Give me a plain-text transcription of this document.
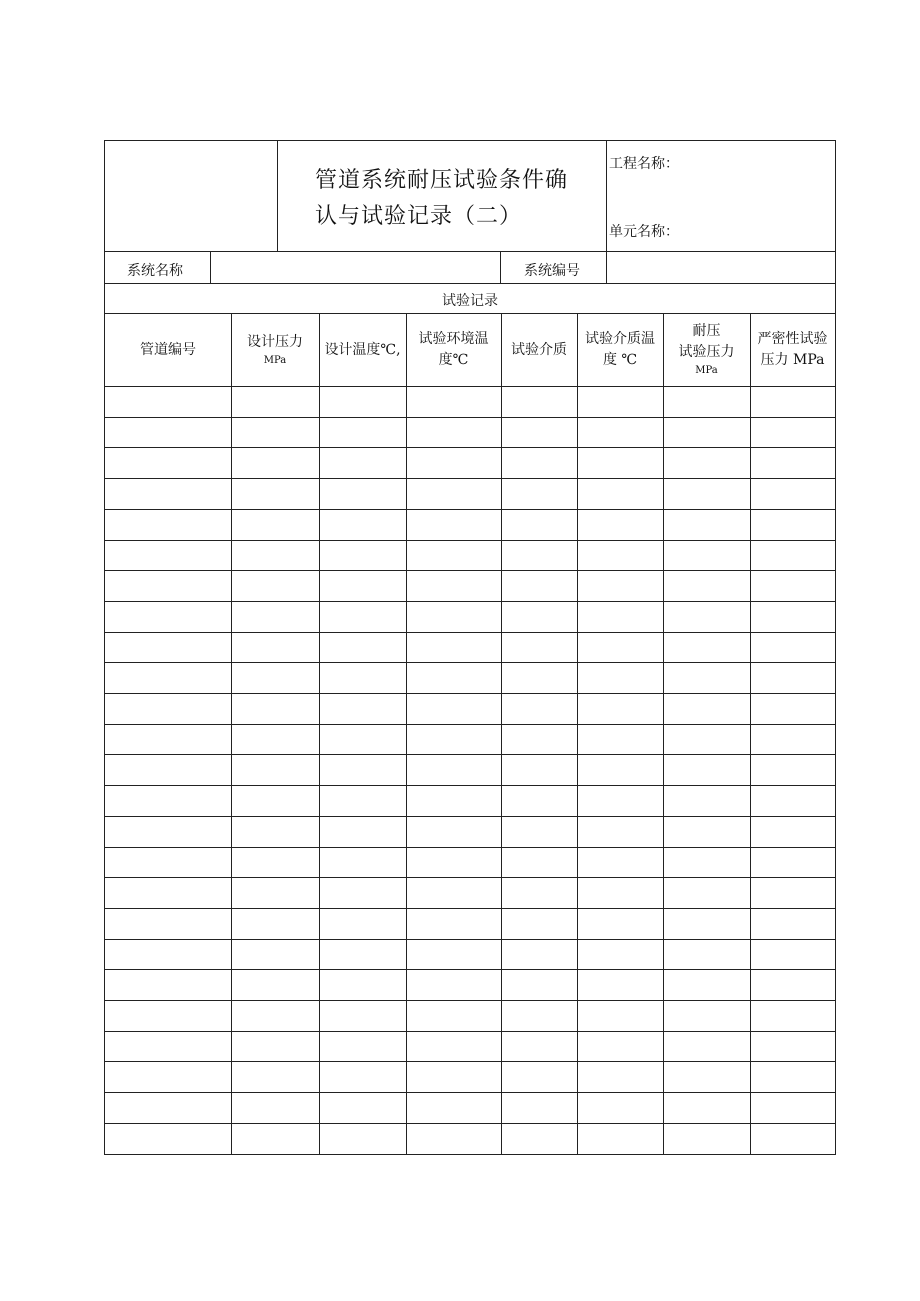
管道系统耐压试验条件确
认与试验记录（二）
工程名称：
单元名称：
系统名称	系统编号
试验记录
管道编号	设计压力
MPa
设计温度℃,
试验环境温
度℃
试验介质
试验介质温
度 ℃
耐压
试验压力
MPa
严密性试验
压力 MPa
